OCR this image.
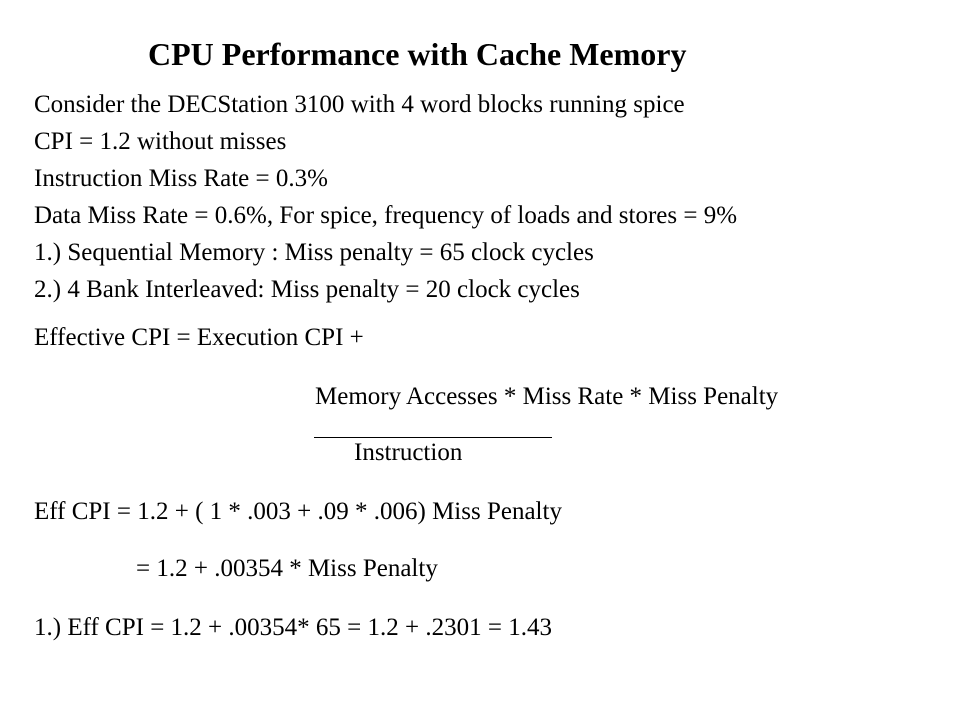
CPU Performance with Cache Memory
Consider the DECStation 3100 with 4 word blocks running spice
CPI = 1.2 without misses
Instruction Miss Rate = 0.3%
Data Miss Rate = 0.6%, For spice, frequency of loads and stores = 9%
1.) Sequential Memory : Miss penalty = 65 clock cycles
2.) 4 Bank Interleaved: Miss penalty = 20 clock cycles
Effective CPI = Execution CPI +
Memory Accesses * Miss Rate * Miss Penalty
Instruction
Eff CPI = 1.2 + ( 1 * .003 + .09 * .006) Miss Penalty
= 1.2 + .00354 * Miss Penalty
1.) Eff CPI = 1.2 + .00354* 65 = 1.2 + .2301 = 1.43
